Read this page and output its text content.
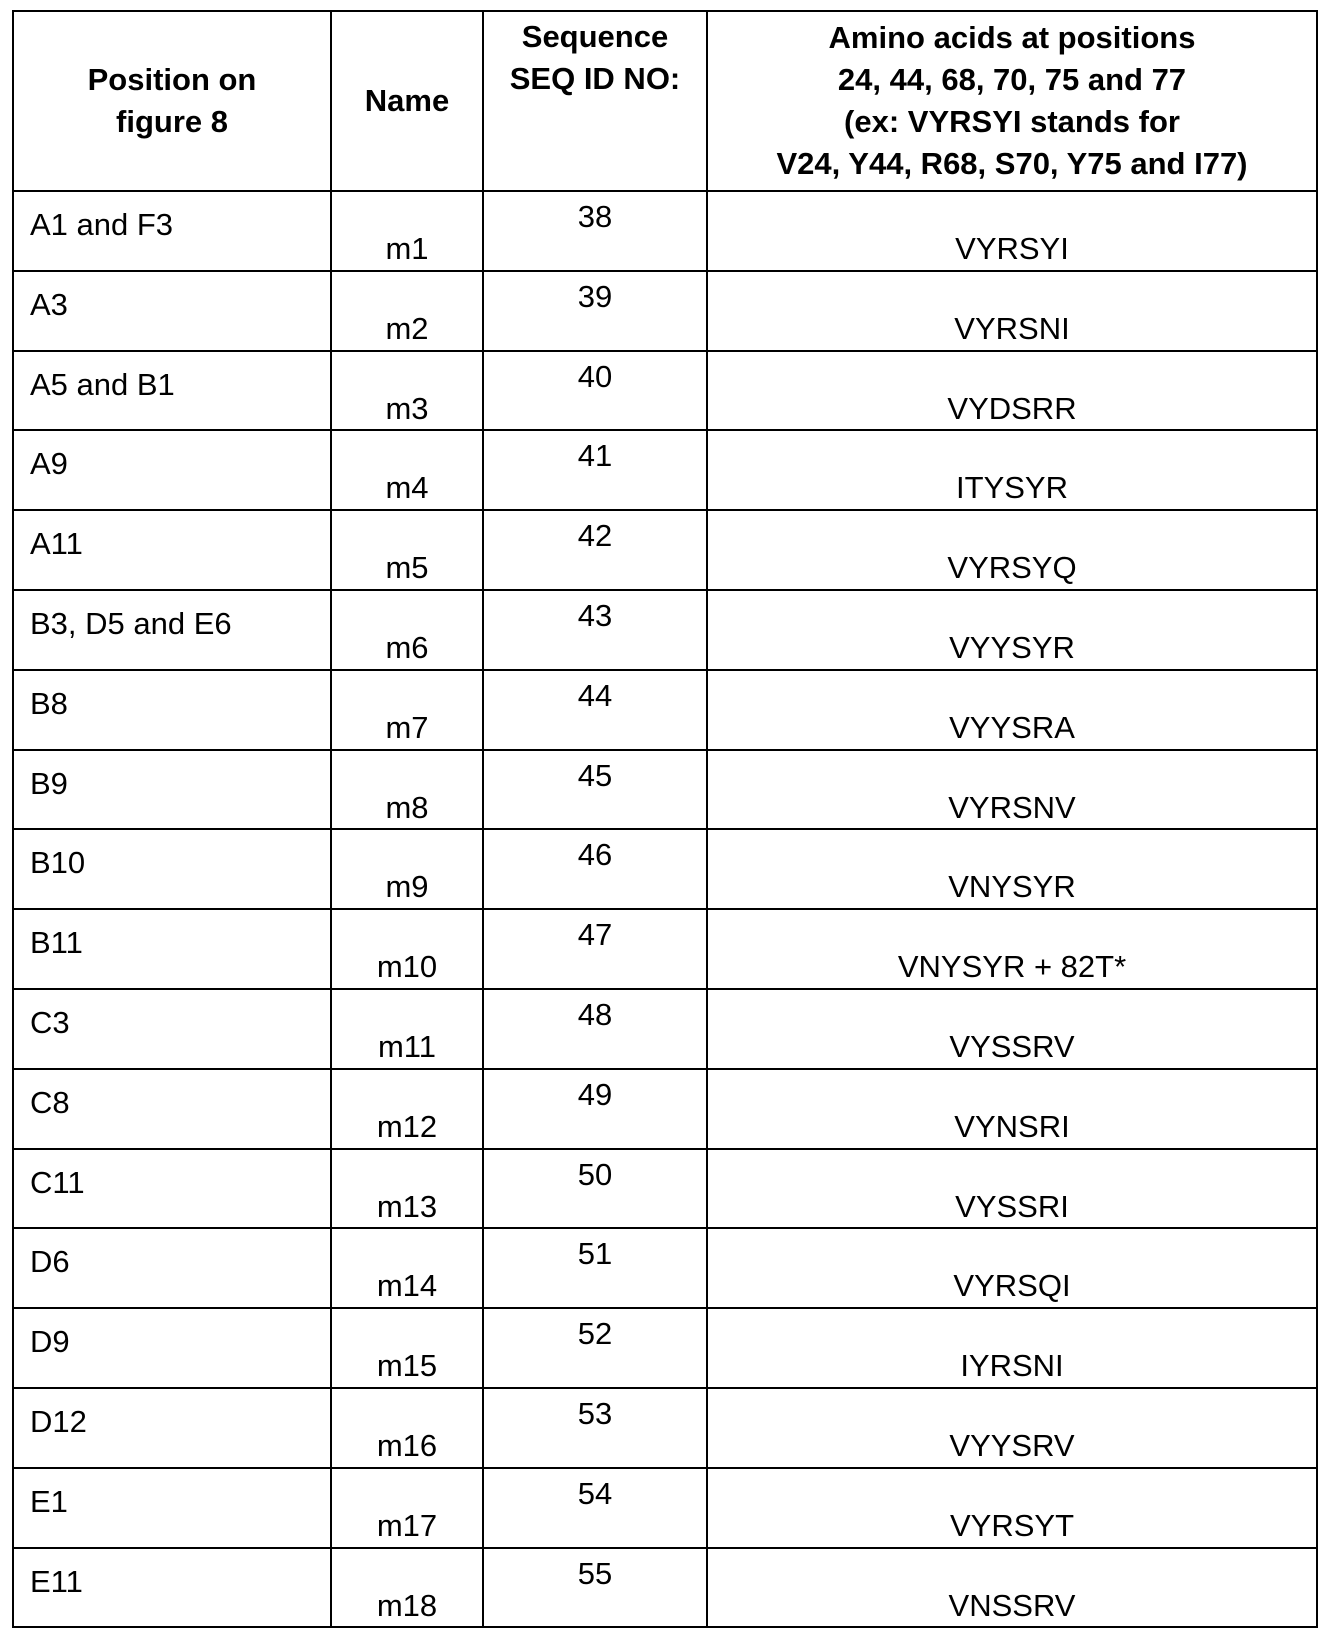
Position on figure 8	Name	Sequence SEQ ID NO:	
Amino acids at positions
24, 44, 68, 70, 75 and 77
(ex: VYRSYI stands for
V24, Y44, R68, S70, Y75 and I77)

A1 and F3	m1	38	VYRSYI
A3	m2	39	VYRSNI
A5 and B1	m3	40	VYDSRR
A9	m4	41	ITYSYR
A11	m5	42	VYRSYQ
B3, D5 and E6	m6	43	VYYSYR
B8	m7	44	VYYSRA
B9	m8	45	VYRSNV
B10	m9	46	VNYSYR
B11	m10	47	VNYSYR + 82T*
C3	m11	48	VYSSRV
C8	m12	49	VYNSRI
C11	m13	50	VYSSRI
D6	m14	51	VYRSQI
D9	m15	52	IYRSNI
D12	m16	53	VYYSRV
E1	m17	54	VYRSYT
E11	m18	55	VNSSRV
